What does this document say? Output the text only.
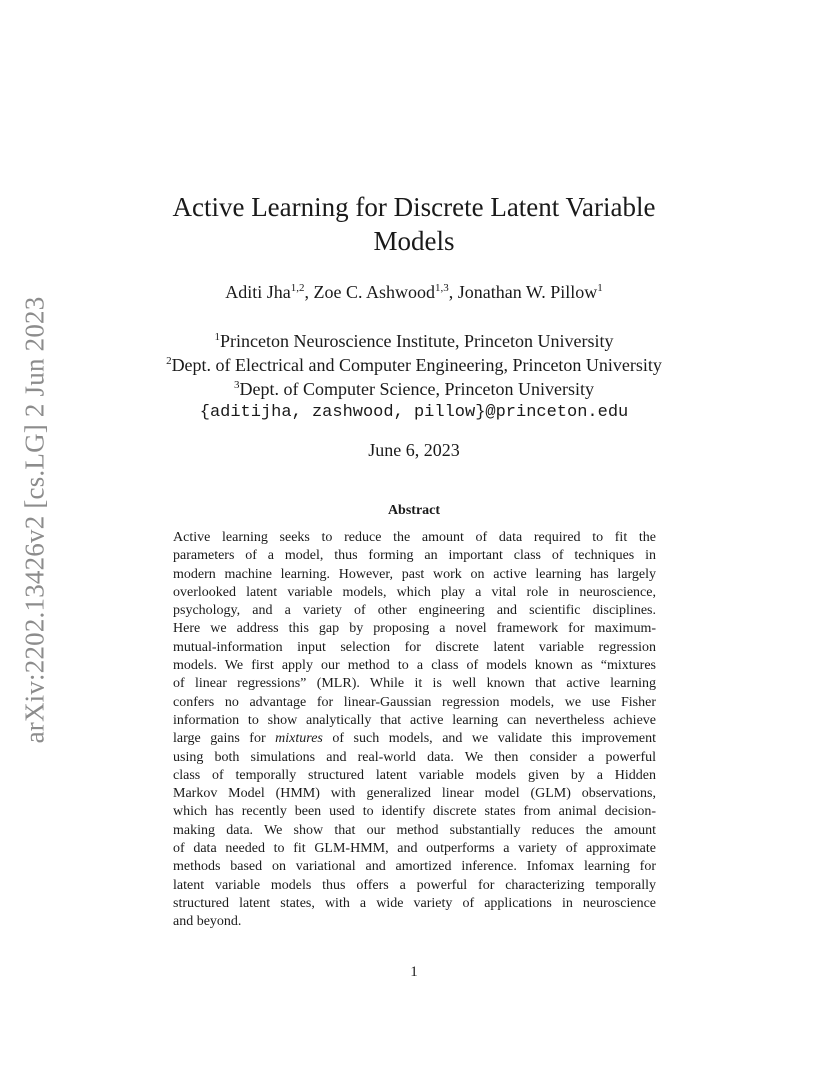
arXiv:2202.13426v2 [cs.LG] 2 Jun 2023
Active Learning for Discrete Latent Variable
Models
Aditi Jha$^{1,2}$, Zoe C. Ashwood$^{1,3}$, Jonathan W. Pillow$^1$
$^1$Princeton Neuroscience Institute, Princeton University
$^2$Dept. of Electrical and Computer Engineering, Princeton University
$^3$Dept. of Computer Science, Princeton University
{aditijha, zashwood, pillow}@princeton.edu
June 6, 2023
Abstract
Active learning seeks to reduce the amount of data required to fit the
parameters of a model, thus forming an important class of techniques in
modern machine learning. However, past work on active learning has largely
overlooked latent variable models, which play a vital role in neuroscience,
psychology, and a variety of other engineering and scientific disciplines.
Here we address this gap by proposing a novel framework for maximum-
mutual-information input selection for discrete latent variable regression
models. We first apply our method to a class of models known as “mixtures
of linear regressions” (MLR). While it is well known that active learning
confers no advantage for linear-Gaussian regression models, we use Fisher
information to show analytically that active learning can nevertheless achieve
large gains for mixtures of such models, and we validate this improvement
using both simulations and real-world data. We then consider a powerful
class of temporally structured latent variable models given by a Hidden
Markov Model (HMM) with generalized linear model (GLM) observations,
which has recently been used to identify discrete states from animal decision-
making data. We show that our method substantially reduces the amount
of data needed to fit GLM-HMM, and outperforms a variety of approximate
methods based on variational and amortized inference. Infomax learning for
latent variable models thus offers a powerful for characterizing temporally
structured latent states, with a wide variety of applications in neuroscience
and beyond.
1
